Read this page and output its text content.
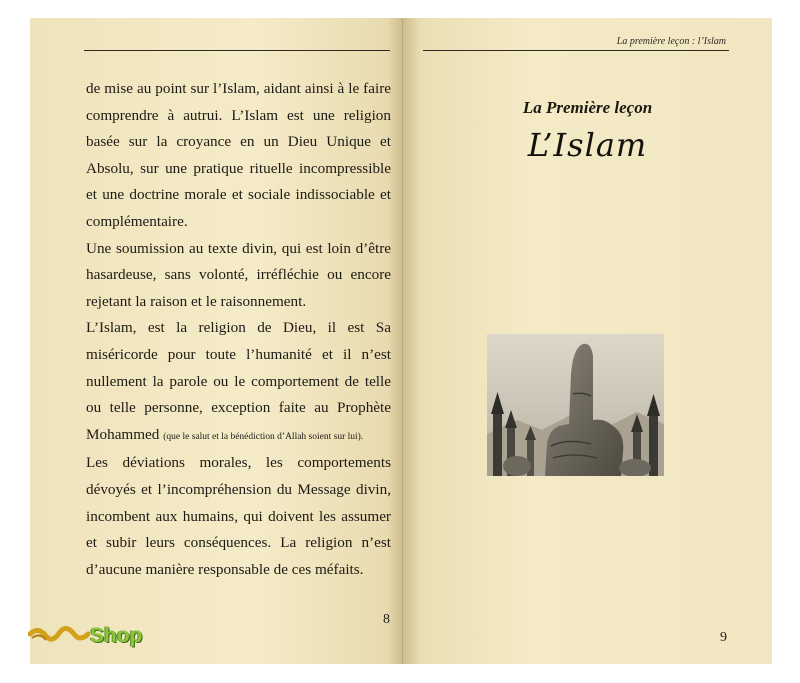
de mise au point sur l’Islam, aidant ainsi à le faire comprendre à autrui. L’Islam est une religion basée sur la croyance en un Dieu Unique et Absolu, sur une pratique rituelle incompressible et une doctrine morale et sociale indissociable et complémentaire.

Une soumission au texte divin, qui est loin d’être hasardeuse, sans volonté, irréfléchie ou encore rejetant la raison et le raisonnement.

L’Islam, est la religion de Dieu, il est Sa miséricorde pour toute l’humanité et il n’est nullement la parole ou le comportement de telle ou telle personne, exception faite au Prophète Mohammed (que le salut et la bénédiction d’Allah soient sur lui).

Les déviations morales, les comportements dévoyés et l’incompréhension du Message divin, incombent aux humains, qui doivent les assumer et subir leurs conséquences. La religion n’est d’aucune manière responsable de ces méfaits.

8
La première leçon : l’Islam
La Première leçon
L’Islam
9
Shop
